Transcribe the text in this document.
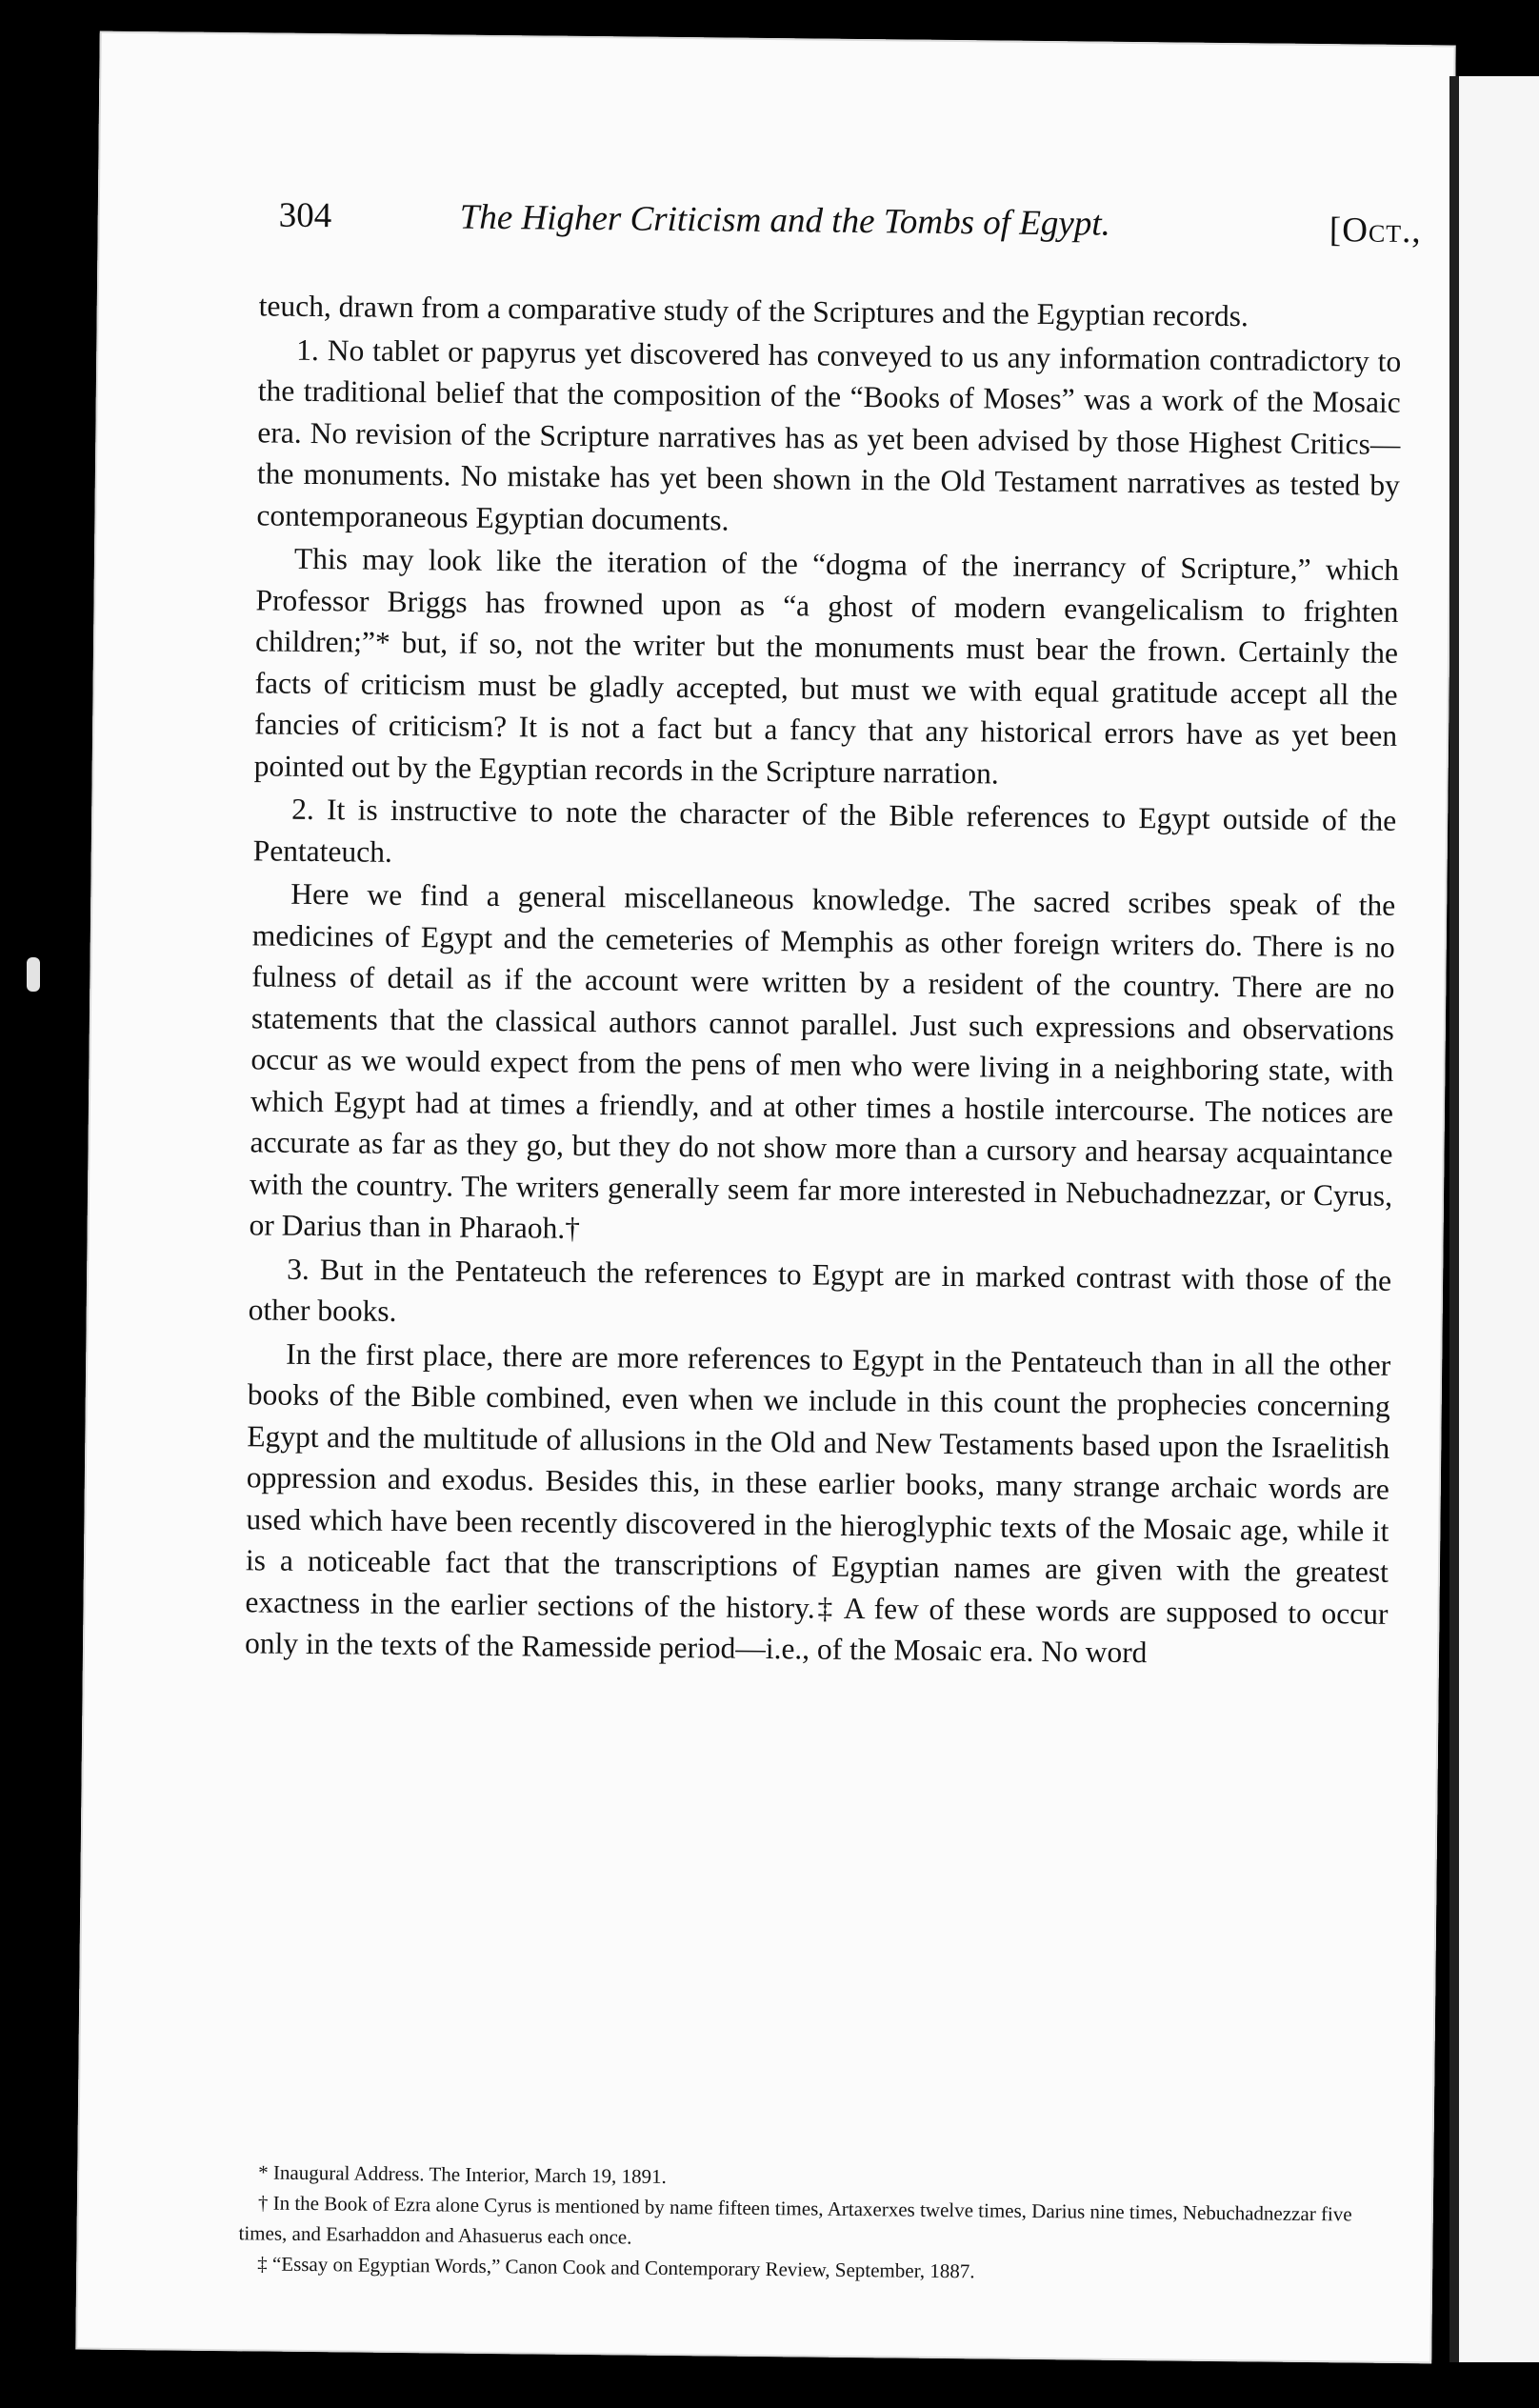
304	The Higher Criticism and the Tombs of Egypt.	[Oct.,

teuch, drawn from a comparative study of the Scriptures and the Egyptian records.

1. No tablet or papyrus yet discovered has conveyed to us any information contradictory to the traditional belief that the composition of the “Books of Moses” was a work of the Mosaic era. No revision of the Scripture narratives has as yet been advised by those Highest Critics—the monuments. No mistake has yet been shown in the Old Testament narratives as tested by contemporaneous Egyptian documents.

This may look like the iteration of the “dogma of the inerrancy of Scripture,” which Professor Briggs has frowned upon as “a ghost of modern evangelicalism to frighten children;”* but, if so, not the writer but the monuments must bear the frown. Certainly the facts of criticism must be gladly accepted, but must we with equal gratitude accept all the fancies of criticism? It is not a fact but a fancy that any historical errors have as yet been pointed out by the Egyptian records in the Scripture narration.

2. It is instructive to note the character of the Bible references to Egypt outside of the Pentateuch.

Here we find a general miscellaneous knowledge. The sacred scribes speak of the medicines of Egypt and the cemeteries of Memphis as other foreign writers do. There is no fulness of detail as if the account were written by a resident of the country. There are no statements that the classical authors cannot parallel. Just such expressions and observations occur as we would expect from the pens of men who were living in a neighboring state, with which Egypt had at times a friendly, and at other times a hostile intercourse. The notices are accurate as far as they go, but they do not show more than a cursory and hearsay acquaintance with the country. The writers generally seem far more interested in Nebuchadnezzar, or Cyrus, or Darius than in Pharaoh.†

3. But in the Pentateuch the references to Egypt are in marked contrast with those of the other books.

In the first place, there are more references to Egypt in the Pentateuch than in all the other books of the Bible combined, even when we include in this count the prophecies concerning Egypt and the multitude of allusions in the Old and New Testaments based upon the Israelitish oppression and exodus. Besides this, in these earlier books, many strange archaic words are used which have been recently discovered in the hieroglyphic texts of the Mosaic age, while it is a noticeable fact that the transcriptions of Egyptian names are given with the greatest exactness in the earlier sections of the history.‡ A few of these words are supposed to occur only in the texts of the Ramesside period—i.e., of the Mosaic era. No word

* Inaugural Address. The Interior, March 19, 1891.

† In the Book of Ezra alone Cyrus is mentioned by name fifteen times, Artaxerxes twelve times, Darius nine times, Nebuchadnezzar five times, and Esarhaddon and Ahasuerus each once.

‡ “Essay on Egyptian Words,” Canon Cook and Contemporary Review, September, 1887.
